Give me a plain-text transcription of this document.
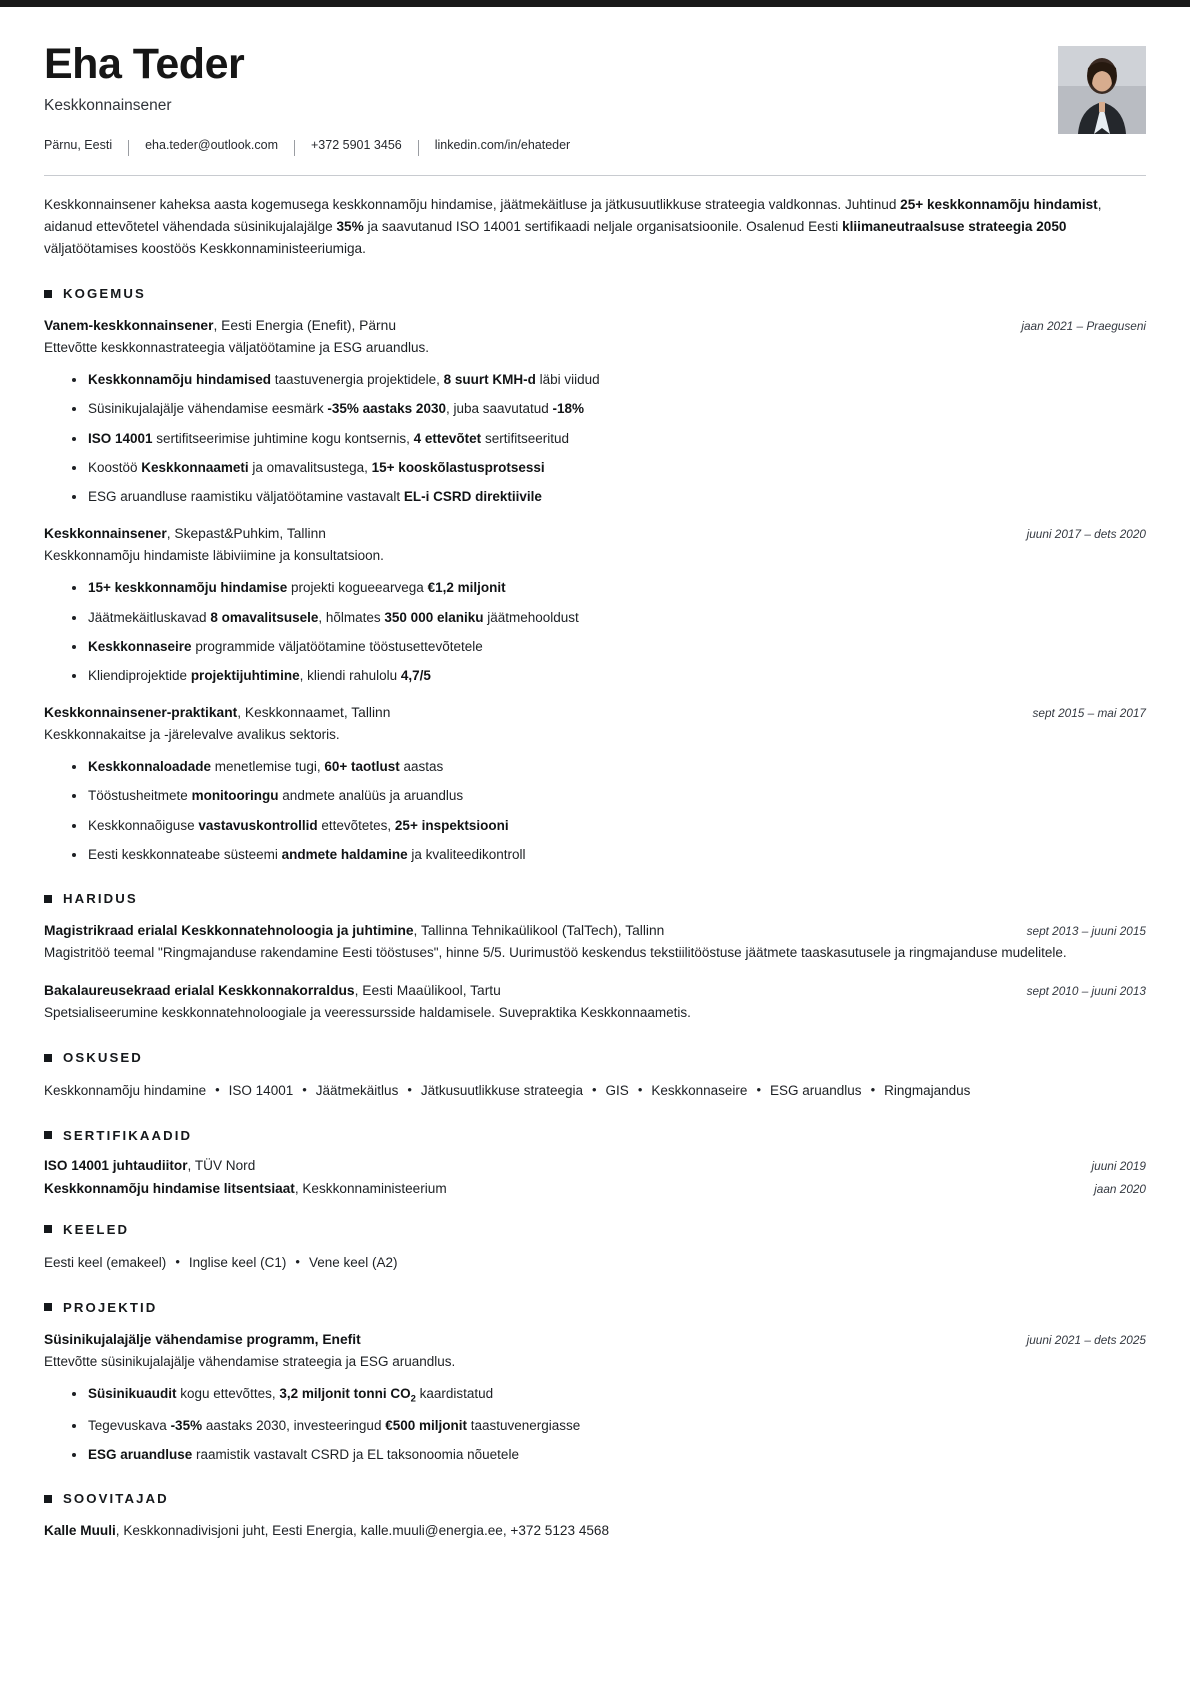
Eha Teder
Keskkonnainsener
Pärnu, Eesti	eha.teder@outlook.com	+372 5901 3456	linkedin.com/in/ehateder

Keskkonnainsener kaheksa aasta kogemusega keskkonnamõju hindamise, jäätmekäitluse ja jätkusuutlikkuse strateegia valdkonnas. Juhtinud 25+ keskkonnamõju hindamist, aidanud ettevõtetel vähendada süsinikujalajälge 35% ja saavutanud ISO 14001 sertifikaadi neljale organisatsioonile. Osalenud Eesti kliimaneutraalsuse strateegia 2050 väljatöötamises koostöös Keskkonnaministeeriumiga.

KOGEMUS
Vanem-keskkonnainsener, Eesti Energia (Enefit), Pärnu	jaan 2021 – Praeguseni
Ettevõtte keskkonnastrateegia väljatöötamine ja ESG aruandlus.
Keskkonnamõju hindamised taastuvenergia projektidele, 8 suurt KMH-d läbi viidud
Süsinikujalajälje vähendamise eesmärk -35% aastaks 2030, juba saavutatud -18%
ISO 14001 sertifitseerimise juhtimine kogu kontsernis, 4 ettevõtet sertifitseeritud
Koostöö Keskkonnaameti ja omavalitsustega, 15+ kooskõlastusprotsessi
ESG aruandluse raamistiku väljatöötamine vastavalt EL-i CSRD direktiivile
Keskkonnainsener, Skepast&Puhkim, Tallinn	juuni 2017 – dets 2020
Keskkonnamõju hindamiste läbiviimine ja konsultatsioon.
15+ keskkonnamõju hindamise projekti kogueearvega €1,2 miljonit
Jäätmekäitluskavad 8 omavalitsusele, hõlmates 350 000 elaniku jäätmehooldust
Keskkonnaseire programmide väljatöötamine tööstusettevõtetele
Kliendiprojektide projektijuhtimine, kliendi rahulolu 4,7/5
Keskkonnainsener-praktikant, Keskkonnaamet, Tallinn	sept 2015 – mai 2017
Keskkonnakaitse ja -järelevalve avalikus sektoris.
Keskkonnaloadade menetlemise tugi, 60+ taotlust aastas
Tööstusheitmete monitooringu andmete analüüs ja aruandlus
Keskkonnaõiguse vastavuskontrollid ettevõtetes, 25+ inspektsiooni
Eesti keskkonnateabe süsteemi andmete haldamine ja kvaliteedikontroll
HARIDUS
Magistrikraad erialal Keskkonnatehnoloogia ja juhtimine, Tallinna Tehnikaülikool (TalTech), Tallinn	sept 2013 – juuni 2015
Magistritöö teemal "Ringmajanduse rakendamine Eesti tööstuses", hinne 5/5. Uurimustöö keskendus tekstiilitööstuse jäätmete taaskasutusele ja ringmajanduse mudelitele.
Bakalaureusekraad erialal Keskkonnakorraldus, Eesti Maaülikool, Tartu	sept 2010 – juuni 2013
Spetsialiseerumine keskkonnatehnoloogiale ja veeressursside haldamisele. Suvepraktika Keskkonnaametis.
OSKUSED
Keskkonnamõju hindamine • ISO 14001 • Jäätmekäitlus • Jätkusuutlikkuse strateegia • GIS • Keskkonnaseire • ESG aruandlus • Ringmajandus
SERTIFIKAADID
ISO 14001 juhtaudiitor, TÜV Nord	juuni 2019
Keskkonnamõju hindamise litsentsiaat, Keskkonnaministeerium	jaan 2020
KEELED
Eesti keel (emakeel) • Inglise keel (C1) • Vene keel (A2)
PROJEKTID
Süsinikujalajälje vähendamise programm, Enefit	juuni 2021 – dets 2025
Ettevõtte süsinikujalajälje vähendamise strateegia ja ESG aruandlus.
Süsinikuaudit kogu ettevõttes, 3,2 miljonit tonni $CO_2$ kaardistatud
Tegevuskava -35% aastaks 2030, investeeringud €500 miljonit taastuvenergiasse
ESG aruandluse raamistik vastavalt CSRD ja EL taksonoomia nõuetele
SOOVITAJAD
Kalle Muuli, Keskkonnadivisjoni juht, Eesti Energia, kalle.muuli@energia.ee, +372 5123 4568
